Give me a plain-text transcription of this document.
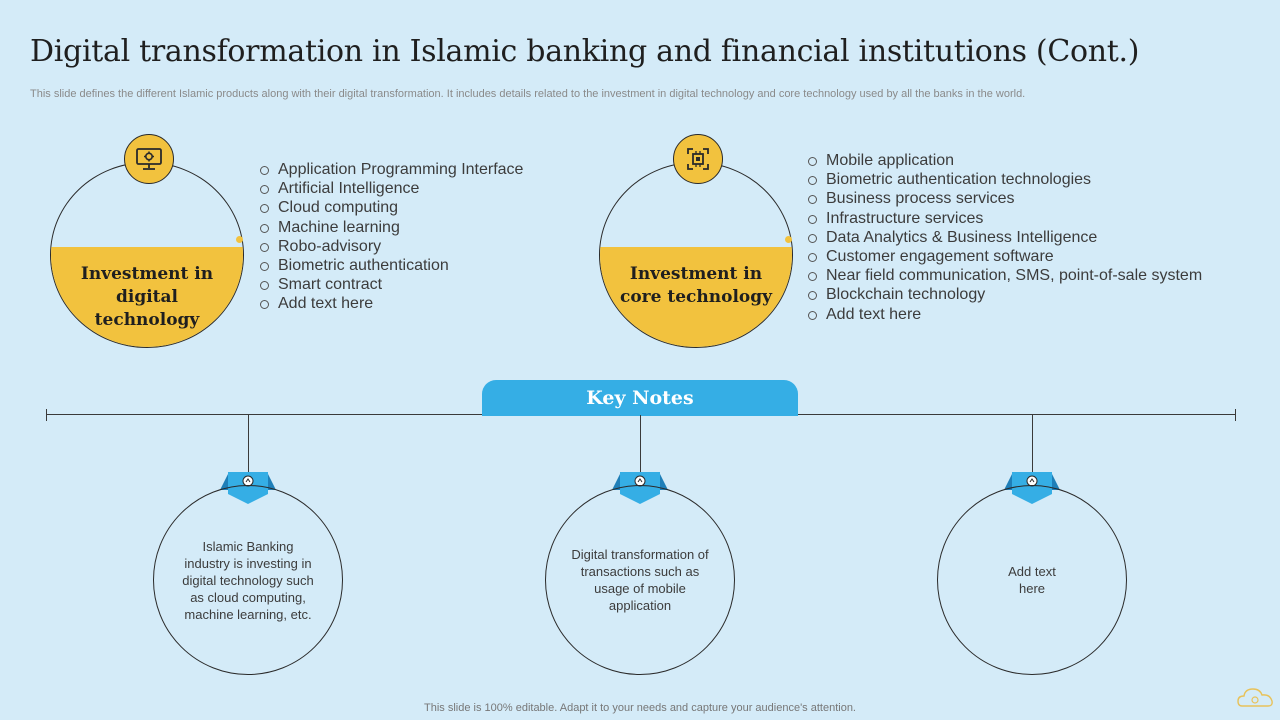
Digital transformation in Islamic banking and financial institutions (Cont.)
This slide defines the different Islamic products along with their digital transformation. It includes details related to the investment in digital technology and core technology used by all the banks in the world.
Investment in digital technology
Application Programming Interface
Artificial Intelligence
Cloud computing
Machine learning
Robo-advisory
Biometric authentication
Smart contract
Add text here
Investment in core technology
Mobile application
Biometric authentication technologies
Business process services
Infrastructure services
Data Analytics & Business Intelligence
Customer engagement software
Near field communication, SMS, point-of-sale system
Blockchain technology
Add text here
Key Notes
Islamic Banking industry is investing in digital technology such as cloud computing, machine learning, etc.
Digital transformation of transactions such as usage of mobile application
Add text here
This slide is 100% editable. Adapt it to your needs and capture your audience's attention.
